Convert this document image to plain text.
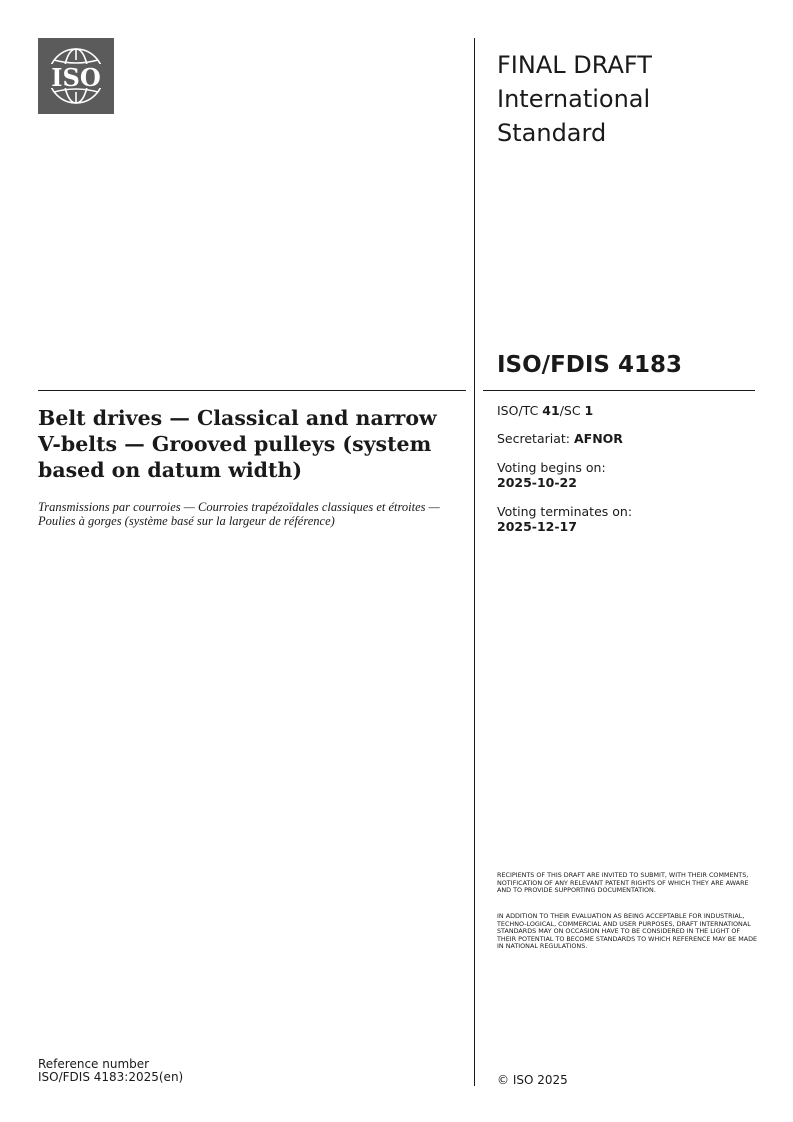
ISO	FINAL DRAFT
International
Standard
ISO/FDIS 4183
Belt drives — Classical and narrow V-belts — Grooved pulleys (system based on datum width)
Transmissions par courroies — Courroies trapézoïdales classiques et étroites — Poulies à gorges (système basé sur la largeur de référence)
ISO/TC 41/SC 1
Secretariat: AFNOR
Voting begins on:
2025-10-22
Voting terminates on:
2025-12-17
RECIPIENTS OF THIS DRAFT ARE INVITED TO SUBMIT, WITH THEIR COMMENTS, NOTIFICATION OF ANY RELEVANT PATENT RIGHTS OF WHICH THEY ARE AWARE AND TO PROVIDE SUPPORTING DOCUMENTATION.
IN ADDITION TO THEIR EVALUATION AS BEING ACCEPTABLE FOR INDUSTRIAL, TECHNO-LOGICAL, COMMERCIAL AND USER PURPOSES, DRAFT INTERNATIONAL STANDARDS MAY ON OCCASION HAVE TO BE CONSIDERED IN THE LIGHT OF THEIR POTENTIAL TO BECOME STANDARDS TO WHICH REFERENCE MAY BE MADE IN NATIONAL REGULATIONS.
Reference number
ISO/FDIS 4183:2025(en)	© ISO 2025
